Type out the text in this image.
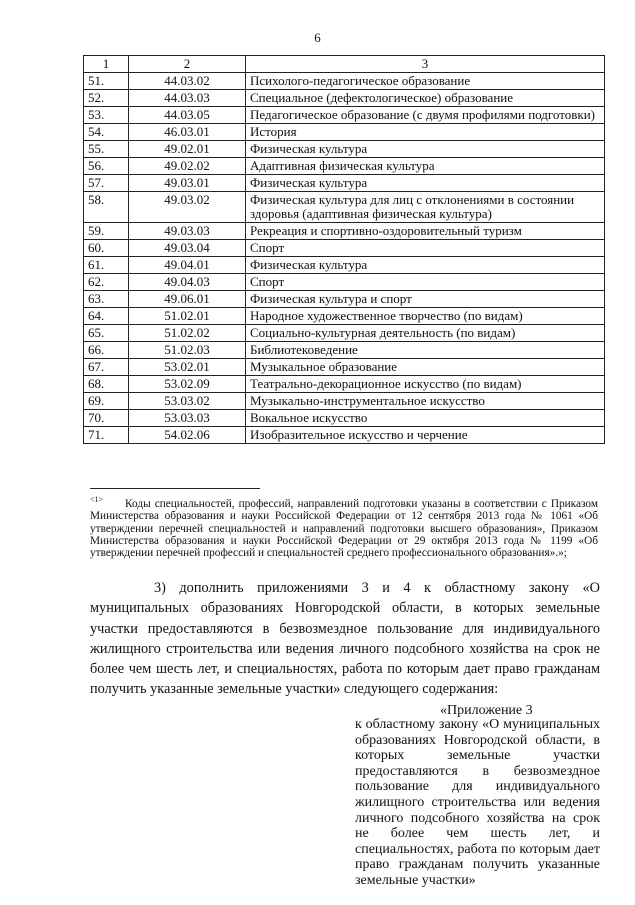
6
1	2	3
51.	44.03.02	Психолого-педагогическое образование
52.	44.03.03	Специальное (дефектологическое) образование
53.	44.03.05	Педагогическое образование (с двумя профилями подготовки)
54.	46.03.01	История
55.	49.02.01	Физическая культура
56.	49.02.02	Адаптивная физическая культура
57.	49.03.01	Физическая культура
58.	49.03.02	Физическая культура для лиц с отклонениями в состоянии здоровья (адаптивная физическая культура)
59.	49.03.03	Рекреация и спортивно-оздоровительный туризм
60.	49.03.04	Спорт
61.	49.04.01	Физическая культура
62.	49.04.03	Спорт
63.	49.06.01	Физическая культура и спорт
64.	51.02.01	Народное художественное творчество (по видам)
65.	51.02.02	Социально-культурная деятельность (по видам)
66.	51.02.03	Библиотековедение
67.	53.02.01	Музыкальное образование
68.	53.02.09	Театрально-декорационное искусство (по видам)
69.	53.03.02	Музыкально-инструментальное искусство
70.	53.03.03	Вокальное искусство
71.	54.02.06	Изобразительное искусство и черчение
$^{<1>}$ Коды специальностей, профессий, направлений подготовки указаны в соответствии с Приказом Министерства образования и науки Российской Федерации от 12 сентября 2013 года № 1061 «Об утверждении перечней специальностей и направлений подготовки высшего образования», Приказом Министерства образования и науки Российской Федерации от 29 октября 2013 года № 1199 «Об утверждении перечней профессий и специальностей среднего профессионального образования».»;
3) дополнить приложениями 3 и 4 к областному закону «О муниципальных образованиях Новгородской области, в которых земельные участки предоставляются в безвозмездное пользование для индивидуального жилищного строительства или ведения личного подсобного хозяйства на срок не более чем шесть лет, и специальностях, работа по которым дает право гражданам получить указанные земельные участки» следующего содержания:
«Приложение 3
к областному закону «О муниципальных образованиях Новгородской области, в которых земельные участки предоставляются в безвозмездное пользование для индивидуального жилищного строительства или ведения личного подсобного хозяйства на срок не более чем шесть лет, и специальностях, работа по которым дает право гражданам получить указанные земельные участки»
